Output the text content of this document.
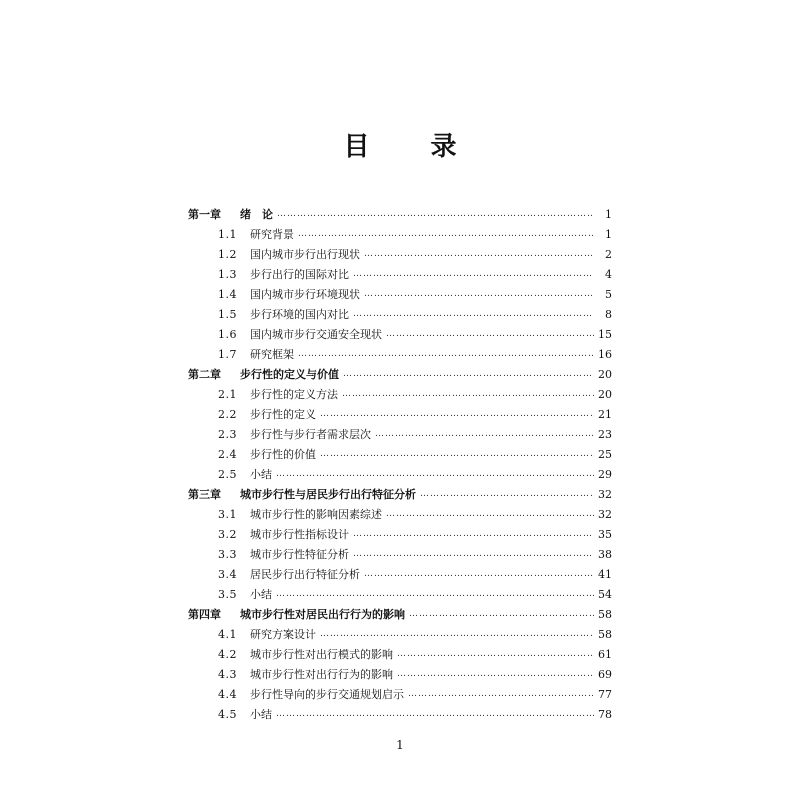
目 录
第一章	绪　论 ……………………………………………………………………………………………………………………………………………………………………	1
1.1	研究背景 ……………………………………………………………………………………………………………………………………………………………………	1
1.2	国内城市步行出行现状 ……………………………………………………………………………………………………………………………………………………………………	2
1.3	步行出行的国际对比 ……………………………………………………………………………………………………………………………………………………………………	4
1.4	国内城市步行环境现状 ……………………………………………………………………………………………………………………………………………………………………	5
1.5	步行环境的国内对比 ……………………………………………………………………………………………………………………………………………………………………	8
1.6	国内城市步行交通安全现状 ……………………………………………………………………………………………………………………………………………………………………	15
1.7	研究框架 ……………………………………………………………………………………………………………………………………………………………………	16
第二章	步行性的定义与价值 ……………………………………………………………………………………………………………………………………………………………………	20
2.1	步行性的定义方法 ……………………………………………………………………………………………………………………………………………………………………	20
2.2	步行性的定义 ……………………………………………………………………………………………………………………………………………………………………	21
2.3	步行性与步行者需求层次 ……………………………………………………………………………………………………………………………………………………………………	23
2.4	步行性的价值 ……………………………………………………………………………………………………………………………………………………………………	25
2.5	小结 ……………………………………………………………………………………………………………………………………………………………………	29
第三章	城市步行性与居民步行出行特征分析 ……………………………………………………………………………………………………………………………………………………………………	32
3.1	城市步行性的影响因素综述 ……………………………………………………………………………………………………………………………………………………………………	32
3.2	城市步行性指标设计 ……………………………………………………………………………………………………………………………………………………………………	35
3.3	城市步行性特征分析 ……………………………………………………………………………………………………………………………………………………………………	38
3.4	居民步行出行特征分析 ……………………………………………………………………………………………………………………………………………………………………	41
3.5	小结 ……………………………………………………………………………………………………………………………………………………………………	54
第四章	城市步行性对居民出行行为的影响 ……………………………………………………………………………………………………………………………………………………………………	58
4.1	研究方案设计 ……………………………………………………………………………………………………………………………………………………………………	58
4.2	城市步行性对出行模式的影响 ……………………………………………………………………………………………………………………………………………………………………	61
4.3	城市步行性对出行行为的影响 ……………………………………………………………………………………………………………………………………………………………………	69
4.4	步行性导向的步行交通规划启示 ……………………………………………………………………………………………………………………………………………………………………	77
4.5	小结 ……………………………………………………………………………………………………………………………………………………………………	78
1
